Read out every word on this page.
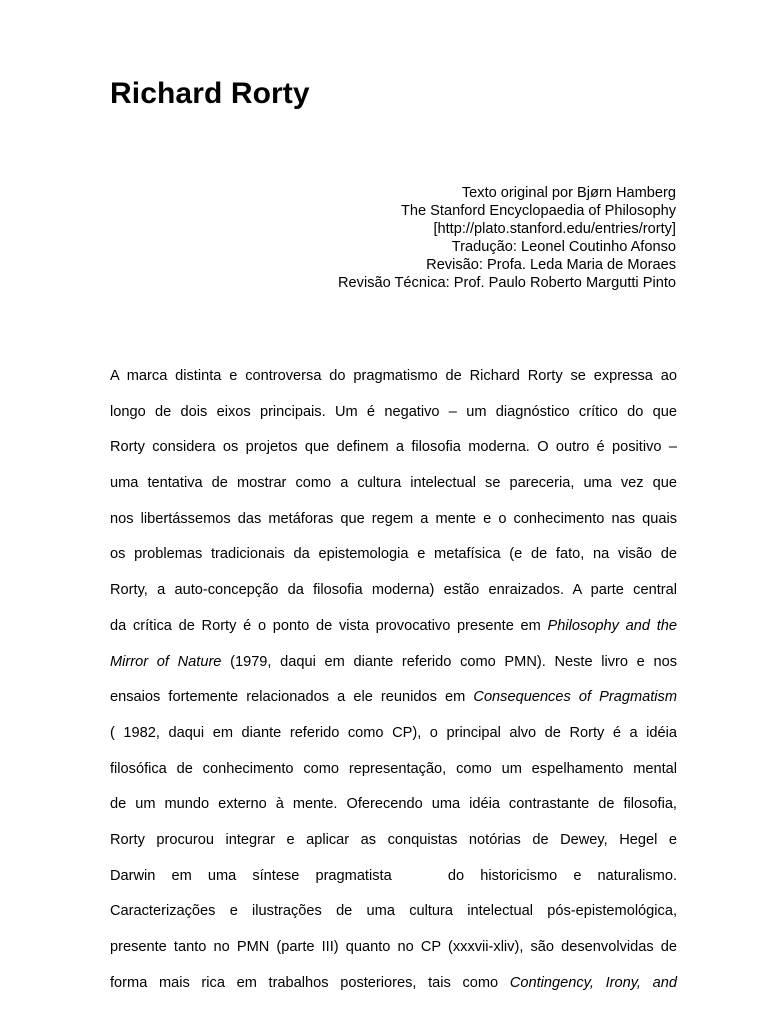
Richard Rorty
Texto original por Bjørn Hamberg
The Stanford Encyclopaedia of Philosophy
[http://plato.stanford.edu/entries/rorty]
Tradução: Leonel Coutinho Afonso
Revisão: Profa. Leda Maria de Moraes
Revisão Técnica: Prof. Paulo Roberto Margutti Pinto
A marca distinta e controversa do pragmatismo de Richard Rorty se expressa ao
longo de dois eixos principais. Um é negativo – um diagnóstico crítico do que
Rorty considera os projetos que definem a filosofia moderna. O outro é positivo –
uma tentativa de mostrar como a cultura intelectual se pareceria, uma vez que
nos libertássemos das metáforas que regem a mente e o conhecimento nas quais
os problemas tradicionais da epistemologia e metafísica (e de fato, na visão de
Rorty, a auto-concepção da filosofia moderna) estão enraizados. A parte central
da crítica de Rorty é o ponto de vista provocativo presente em Philosophy and the
Mirror of Nature (1979, daqui em diante referido como PMN). Neste livro e nos
ensaios fortemente relacionados a ele reunidos em Consequences of Pragmatism
( 1982, daqui em diante referido como CP), o principal alvo de Rorty é a idéia
filosófica de conhecimento como representação, como um espelhamento mental
de um mundo externo à mente. Oferecendo uma idéia contrastante de filosofia,
Rorty procurou integrar e aplicar as conquistas notórias de Dewey, Hegel e
Darwin em uma síntese pragmatista	do historicismo e naturalismo.
Caracterizações e ilustrações de uma cultura intelectual pós-epistemológica,
presente tanto no PMN (parte III) quanto no CP (xxxvii-xliv), são desenvolvidas de
forma mais rica em trabalhos posteriores, tais como Contingency, Irony, and
